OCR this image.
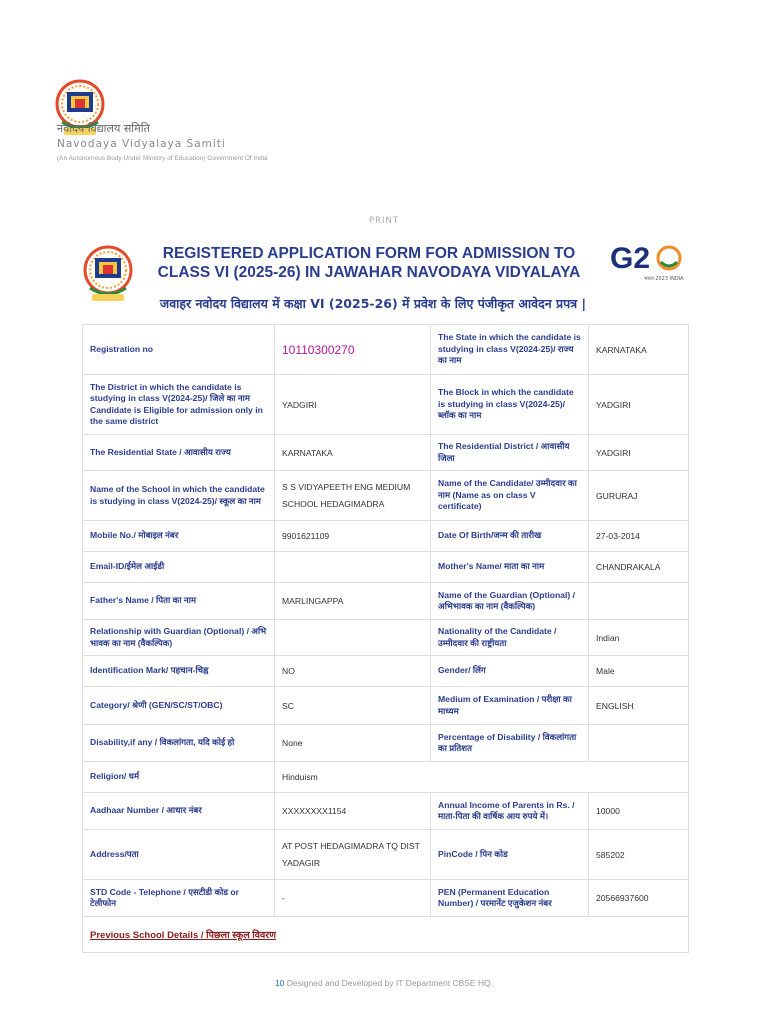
नवोदय विद्यालय समिति
Navodaya Vidyalaya Samiti
(An Autonomous Body Under Ministry of Education) Government Of India
PRINT
REGISTERED APPLICATION FORM FOR ADMISSION TO
CLASS VI (2025-26) IN JAWAHAR NAVODAYA VIDYALAYA G2
भारत 2023 INDIA
जवाहर नवोदय विद्यालय में कक्षा VI (2025-26) में प्रवेश के लिए पंजीकृत आवेदन प्रपत्र |
Registration no	10110300270	The State in which the candidate is studying in class V(2024-25)/ राज्य का नाम	KARNATAKA
The District in which the candidate is studying in class V(2024-25)/ जिले का नाम Candidate is Eligible for admission only in the same district	YADGIRI	The Block in which the candidate is studying in class V(2024-25)/ ब्लॉक का नाम	YADGIRI
The Residential State / आवासीय राज्य	KARNATAKA	The Residential District / आवासीय जिला	YADGIRI
Name of the School in which the candidate is studying in class V(2024-25)/ स्कूल का नाम	S S VIDYAPEETH ENG MEDIUM SCHOOL HEDAGIMADRA	Name of the Candidate/ उम्मीदवार का नाम (Name as on class V certificate)	GURURAJ
Mobile No./ मोबाइल नंबर	9901621109	Date Of Birth/जन्म की तारीख	27-03-2014
Email-ID/ईमेल आईडी		Mother's Name/ माता का नाम	CHANDRAKALA
Father's Name / पिता का नाम	MARLINGAPPA	Name of the Guardian (Optional) / अभिभावक का नाम (वैकल्पिक)	
Relationship with Guardian (Optional) / अभि भावक का नाम (वैकल्पिक)		Nationality of the Candidate / उम्मीदवार की राष्ट्रीयता	Indian
Identification Mark/ पहचान-चिह्न	NO	Gender/ लिंग	Male
Category/ श्रेणी (GEN/SC/ST/OBC)	SC	Medium of Examination / परीक्षा का माध्यम	ENGLISH
Disability,if any / विकलांगता, यदि कोई हो	None	Percentage of Disability / विकलांगता का प्रतिशत	
Religion/ धर्म	Hinduism		
Aadhaar Number / आधार नंबर	XXXXXXXX1154	Annual Income of Parents in Rs. / माता-पिता की वार्षिक आय रुपये में।	10000
Address/पता	AT POST HEDAGIMADRA TQ DIST YADAGIR	PinCode / पिन कोड	585202
STD Code - Telephone / एसटीडी कोड or टेलीफोन	-	PEN (Permanent Education Number) / परमानेंट एजुकेशन नंबर	20566937600
Previous School Details / पिछला स्कूल विवरण			
10 Designed and Developed by IT Department CBSE HQ.
